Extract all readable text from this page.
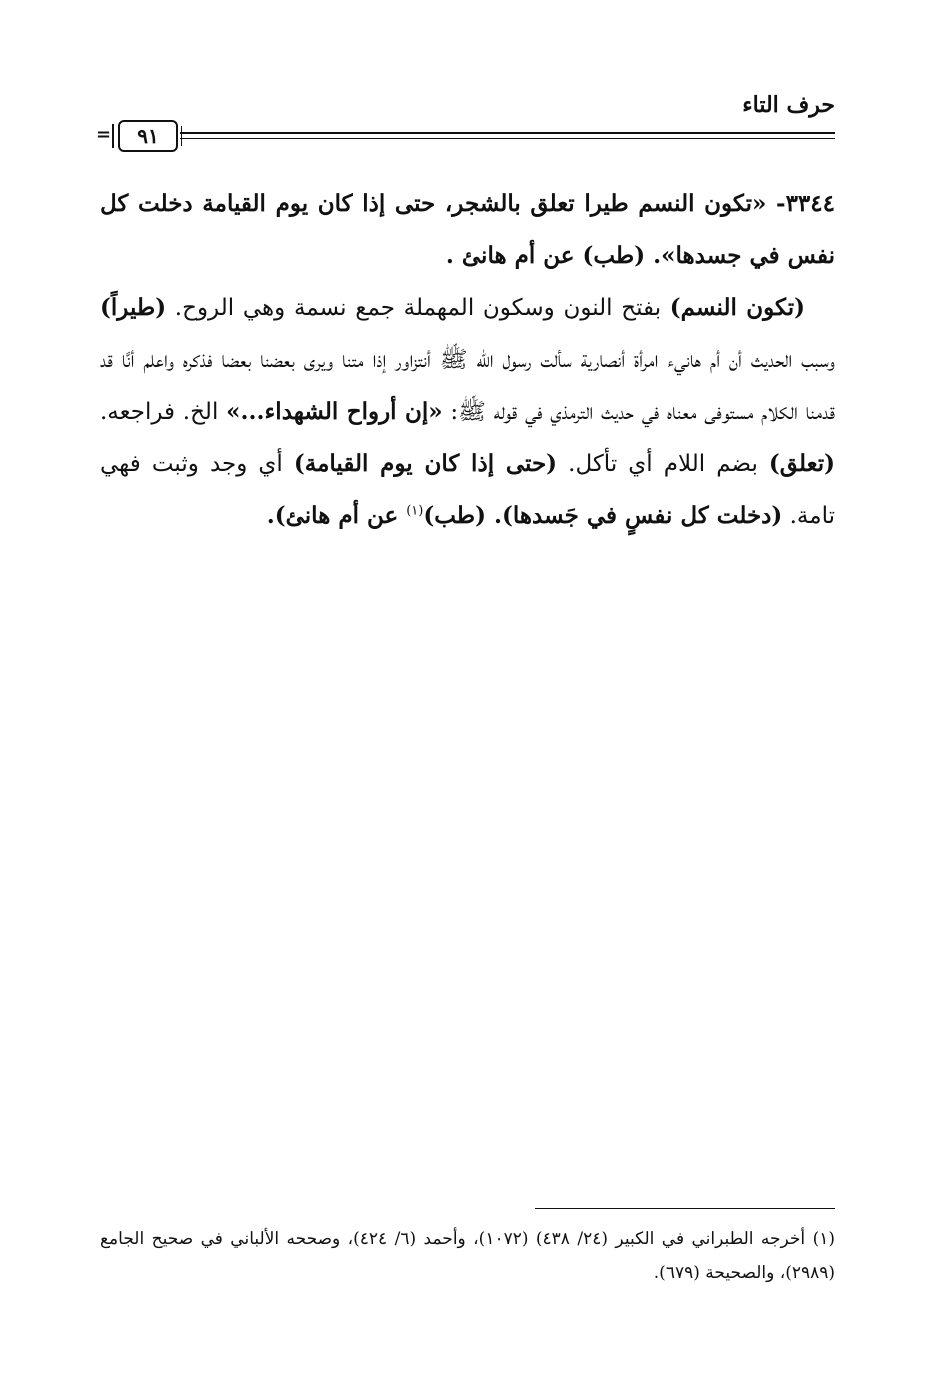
حرف التاء
٩١
=

٣٣٤٤- «تكون النسم طيرا تعلق بالشجر، حتى إذا كان يوم القيامة دخلت كل نفس في جسدها». (طب) عن أم هانئ .

(تكون النسم) بفتح النون وسكون المهملة جمع نسمة وهي الروح. (طيراً) وسبب الحديث أن أم هانيء امرأة أنصارية سألت رسول الله ﷺ أنتزاور إذا متنا ويرى بعضنا بعضا فذكره واعلم أنَّا قد قدمنا الكلام مستوفى معناه في حديث الترمذي في قوله ﷺ: «إن أرواح الشهداء...» الخ. فراجعه. (تعلق) بضم اللام أي تأكل. (حتى إذا كان يوم القيامة) أي وجد وثبت فهي تامة. (دخلت كل نفسٍ في جَسدها). (طب)$^{(١)}$ عن أم هانئ).

(١) أخرجه الطبراني في الكبير (٢٤/ ٤٣٨) (١٠٧٢)، وأحمد (٦/ ٤٢٤)، وصححه الألباني في صحيح الجامع (٢٩٨٩)، والصحيحة (٦٧٩).
